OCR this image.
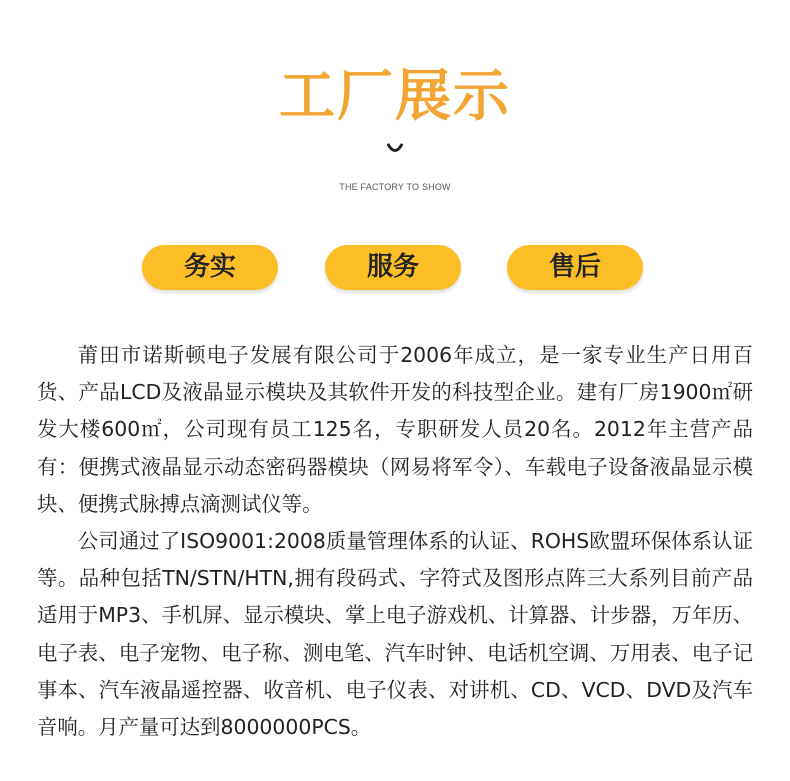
工厂展示
THE FACTORY TO SHOW
务实	服务	售后

莆田市诺斯顿电子发展有限公司于2006年成立，是一家专业生产日用百货、产品LCD及液晶显示模块及其软件开发的科技型企业。建有厂房1900㎡研发大楼600㎡，公司现有员工125名，专职研发人员20名。2012年主营产品有：便携式液晶显示动态密码器模块（网易将军令）、车载电子设备液晶显示模块、便携式脉搏点滴测试仪等。

公司通过了ISO9001:2008质量管理体系的认证、ROHS欧盟环保体系认证等。品种包括TN/STN/HTN,拥有段码式、字符式及图形点阵三大系列目前产品适用于MP3、手机屏、显示模块、掌上电子游戏机、计算器、计步器，万年历、电子表、电子宠物、电子称、测电笔、汽车时钟、电话机空调、万用表、电子记事本、汽车液晶遥控器、收音机、电子仪表、对讲机、CD、VCD、DVD及汽车音响。月产量可达到8000000PCS。
